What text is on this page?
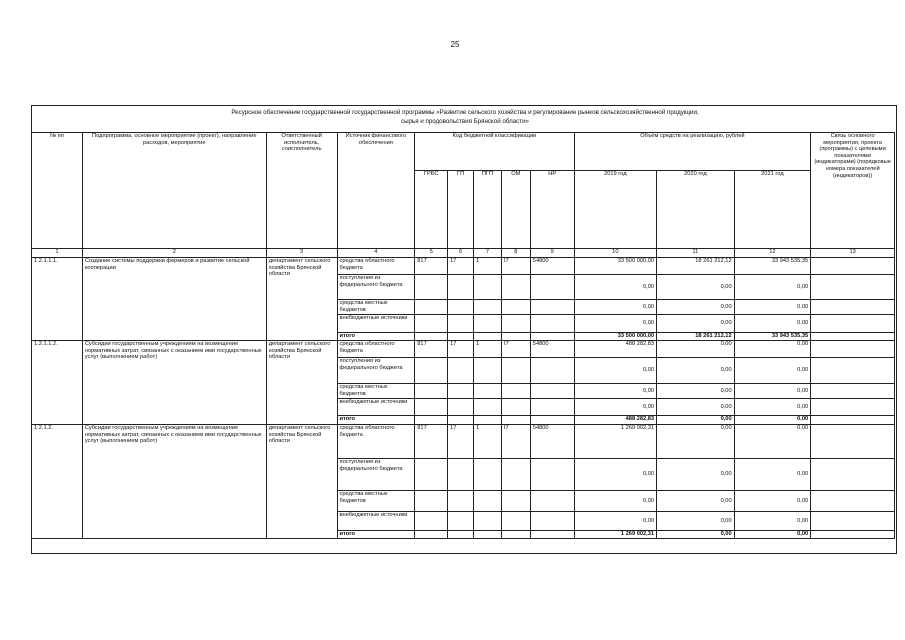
25
Ресурсное обеспечение государственной государственной программы «Развитие сельского хозяйства и регулирование рынков сельскохозяйственной продукции,
сырья и продовольствия Брянской области»
№ пп	Подпрограмма, основное мероприятие (проект), направление расходов, мероприятие	Ответственный исполнитель, соисполнитель	Источник финансового обеспечения	Код бюджетной классификации					Объём средств на реализацию, рублей			Связь основного мероприятия, проекта (программы) с целевыми показателями (индикаторами) (порядковые номера показателей (индикаторов))
				ГРБС	ГП	ПГП	ОМ	НР	2019 год	2020 год	2021 год	
1	2	3	4	5	6	7	8	9	10	11	12	13
1.2.1.1.1.	Создание системы поддержки фермеров и развитие сельской кооперации	департамент сельского хозяйства Брянской области	средства областного бюджета	817	17	1	I7	54800	33 500 000,00	18 261 212,12	33 943 535,35	
			поступления из федерального бюджета						0,00	0,00	0,00	
			средства местных бюджетов						0,00	0,00	0,00	
			внебюджетные источники						0,00	0,00	0,00	
			итого						33 500 000,00	18 261 212,12	33 943 535,35	
1.2.1.1.2.	Субсидии государственным учреждениям на возмещение нормативных затрат, связанных с оказанием ими государственных услуг (выполнением работ)	департамент сельского хозяйства Брянской области	средства областного бюджета	817	17	1	I7	54800	488 282,83	0,00	0,00	
			поступления из федерального бюджета						0,00	0,00	0,00	
			средства местных бюджетов						0,00	0,00	0,00	
			внебюджетные источники						0,00	0,00	0,00	
			итого						488 282,83	0,00	0,00	
1.2.1.2.	Субсидии государственным учреждениям на возмещение нормативных затрат, связанных с оказанием ими государственных услуг (выполнением работ)	департамент сельского хозяйства Брянской области	средства областного бюджета	817	17	1	I7	54800	1 269 002,31	0,00	0,00	
			поступления из федерального бюджета						0,00	0,00	0,00	
			средства местных бюджетов						0,00	0,00	0,00	
			внебюджетные источники						0,00	0,00	0,00	
			итого						1 269 002,31	0,00	0,00	
